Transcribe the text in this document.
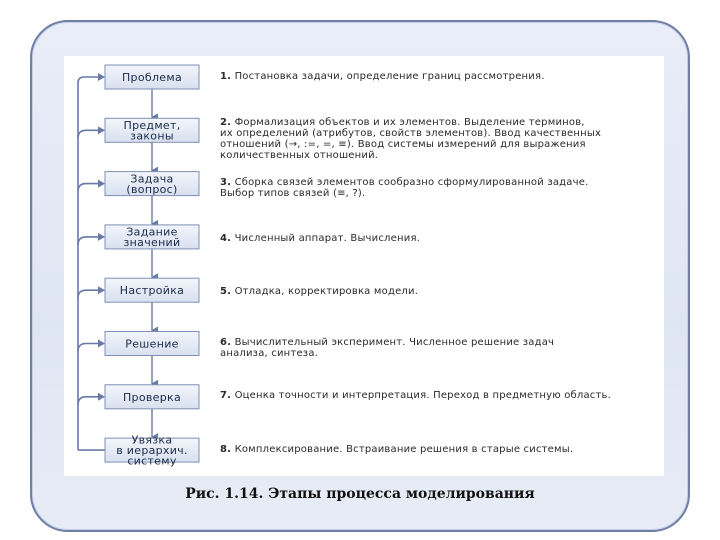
Проблема
Предмет,
законы
Задача
(вопрос)
Задание
значений
Настройка
Решение
Проверка
Увязка
в иерархич.
систему
1. Постановка задачи, определение границ рассмотрения.
2. Формализация объектов и их элементов. Выделение терминов,
их определений (атрибутов, свойств элементов). Ввод качественных
отношений (→, :=, =, ≡). Ввод системы измерений для выражения
количественных отношений.
3. Сборка связей элементов сообразно сформулированной задаче.
Выбор типов связей (≡, ?).
4. Численный аппарат. Вычисления.
5. Отладка, корректировка модели.
6. Вычислительный эксперимент. Численное решение задач
анализа, синтеза.
7. Оценка точности и интерпретация. Переход в предметную область.
8. Комплексирование. Встраивание решения в старые системы.
Рис. 1.14. Этапы процесса моделирования
